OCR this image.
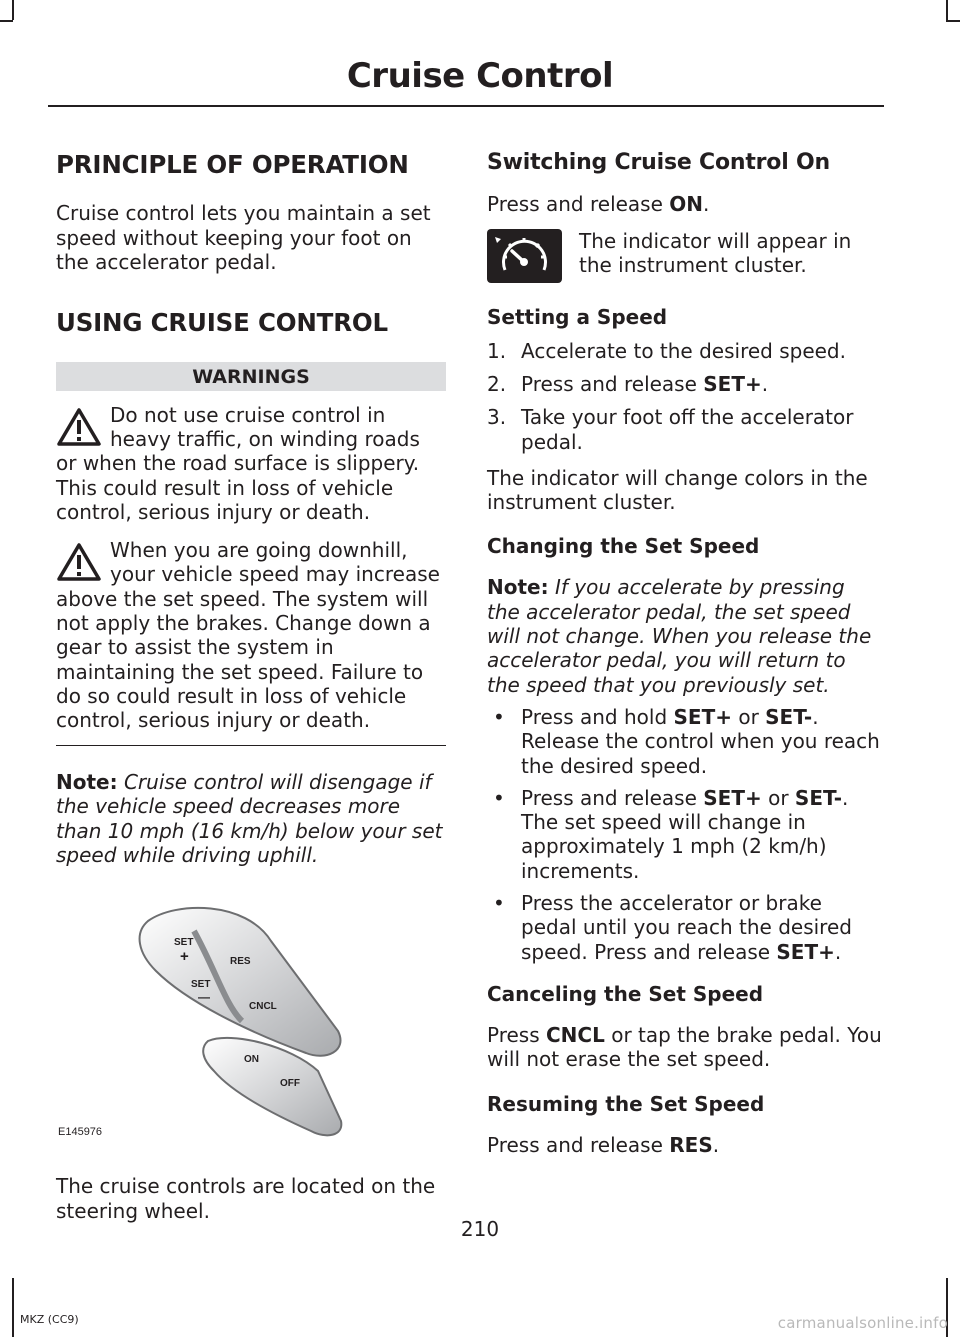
Cruise Control
PRINCIPLE OF OPERATION

Cruise control lets you maintain a set speed without keeping your foot on the accelerator pedal.

USING CRUISE CONTROL
WARNINGS

Do not use cruise control in heavy traffic, on winding roads or when the road surface is slippery. This could result in loss of vehicle control, serious injury or death.

When you are going downhill, your vehicle speed may increase above the set speed. The system will not apply the brakes. Change down a gear to assist the system in maintaining the set speed. Failure to do so could result in loss of vehicle control, serious injury or death.

Note: Cruise control will disengage if the vehicle speed decreases more than 10 mph (16 km/h) below your set speed while driving uphill.

SET
+
SET
—
RES
CNCL
ON
OFF
E145976

The cruise controls are located on the steering wheel.

Switching Cruise Control On

Press and release ON.

The indicator will appear in the instrument cluster.

Setting a Speed
1. Accelerate to the desired speed.
2. Press and release SET+.
3. Take your foot off the accelerator pedal.

The indicator will change colors in the instrument cluster.

Changing the Set Speed

Note: If you accelerate by pressing the accelerator pedal, the set speed will not change. When you release the accelerator pedal, you will return to the speed that you previously set.

• Press and hold SET+ or SET-. Release the control when you reach the desired speed.
• Press and release SET+ or SET-. The set speed will change in approximately 1 mph (2 km/h) increments.
• Press the accelerator or brake pedal until you reach the desired speed. Press and release SET+.
Canceling the Set Speed

Press CNCL or tap the brake pedal. You will not erase the set speed.

Resuming the Set Speed

Press and release RES.

210
MKZ (CC9)	carmanualsonline.info
